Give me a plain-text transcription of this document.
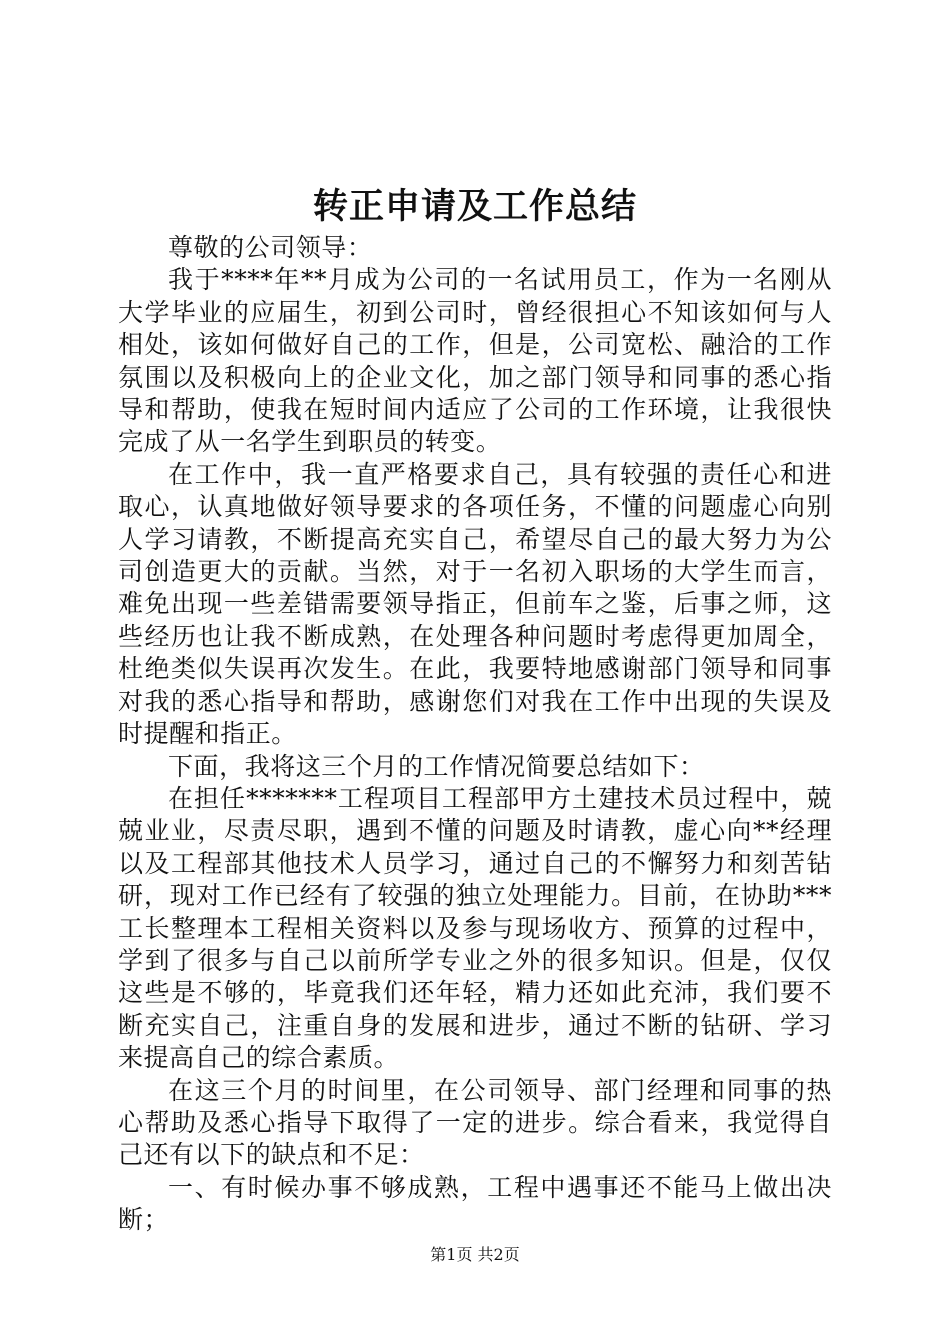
转正申请及工作总结

尊敬的公司领导：

我于****年**月成为公司的一名试用员工，作为一名刚从大学毕业的应届生，初到公司时，曾经很担心不知该如何与人相处，该如何做好自己的工作，但是，公司宽松、融洽的工作氛围以及积极向上的企业文化，加之部门领导和同事的悉心指导和帮助，使我在短时间内适应了公司的工作环境，让我很快完成了从一名学生到职员的转变。

在工作中，我一直严格要求自己，具有较强的责任心和进取心，认真地做好领导要求的各项任务，不懂的问题虚心向别人学习请教，不断提高充实自己，希望尽自己的最大努力为公司创造更大的贡献。当然，对于一名初入职场的大学生而言，难免出现一些差错需要领导指正，但前车之鉴，后事之师，这些经历也让我不断成熟，在处理各种问题时考虑得更加周全，杜绝类似失误再次发生。在此，我要特地感谢部门领导和同事对我的悉心指导和帮助，感谢您们对我在工作中出现的失误及时提醒和指正。

下面，我将这三个月的工作情况简要总结如下：

在担任*******工程项目工程部甲方土建技术员过程中，兢兢业业，尽责尽职，遇到不懂的问题及时请教，虚心向**经理以及工程部其他技术人员学习，通过自己的不懈努力和刻苦钻研，现对工作已经有了较强的独立处理能力。目前，在协助***工长整理本工程相关资料以及参与现场收方、预算的过程中，学到了很多与自己以前所学专业之外的很多知识。但是，仅仅这些是不够的，毕竟我们还年轻，精力还如此充沛，我们要不断充实自己，注重自身的发展和进步，通过不断的钻研、学习来提高自己的综合素质。

在这三个月的时间里，在公司领导、部门经理和同事的热心帮助及悉心指导下取得了一定的进步。综合看来，我觉得自己还有以下的缺点和不足：

一、有时候办事不够成熟，工程中遇事还不能马上做出决断；

第1页 共2页
